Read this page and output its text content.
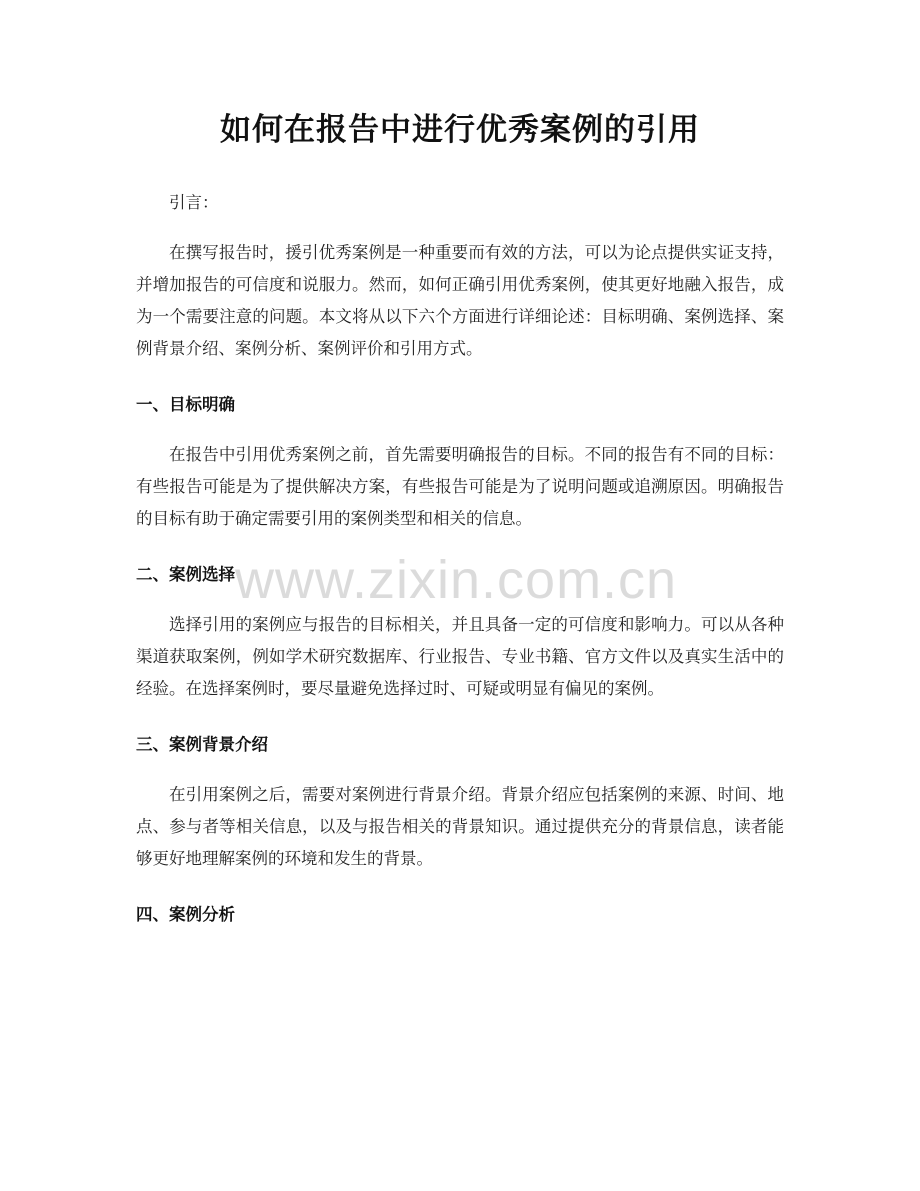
如何在报告中进行优秀案例的引用

引言：

在撰写报告时，援引优秀案例是一种重要而有效的方法，可以为论点提供实证支持，并增加报告的可信度和说服力。然而，如何正确引用优秀案例，使其更好地融入报告，成为一个需要注意的问题。本文将从以下六个方面进行详细论述：目标明确、案例选择、案例背景介绍、案例分析、案例评价和引用方式。

一、目标明确

在报告中引用优秀案例之前，首先需要明确报告的目标。不同的报告有不同的目标：有些报告可能是为了提供解决方案，有些报告可能是为了说明问题或追溯原因。明确报告的目标有助于确定需要引用的案例类型和相关的信息。

二、案例选择

选择引用的案例应与报告的目标相关，并且具备一定的可信度和影响力。可以从各种渠道获取案例，例如学术研究数据库、行业报告、专业书籍、官方文件以及真实生活中的经验。在选择案例时，要尽量避免选择过时、可疑或明显有偏见的案例。

三、案例背景介绍

在引用案例之后，需要对案例进行背景介绍。背景介绍应包括案例的来源、时间、地点、参与者等相关信息，以及与报告相关的背景知识。通过提供充分的背景信息，读者能够更好地理解案例的环境和发生的背景。

四、案例分析
www.zixin.com.cn
